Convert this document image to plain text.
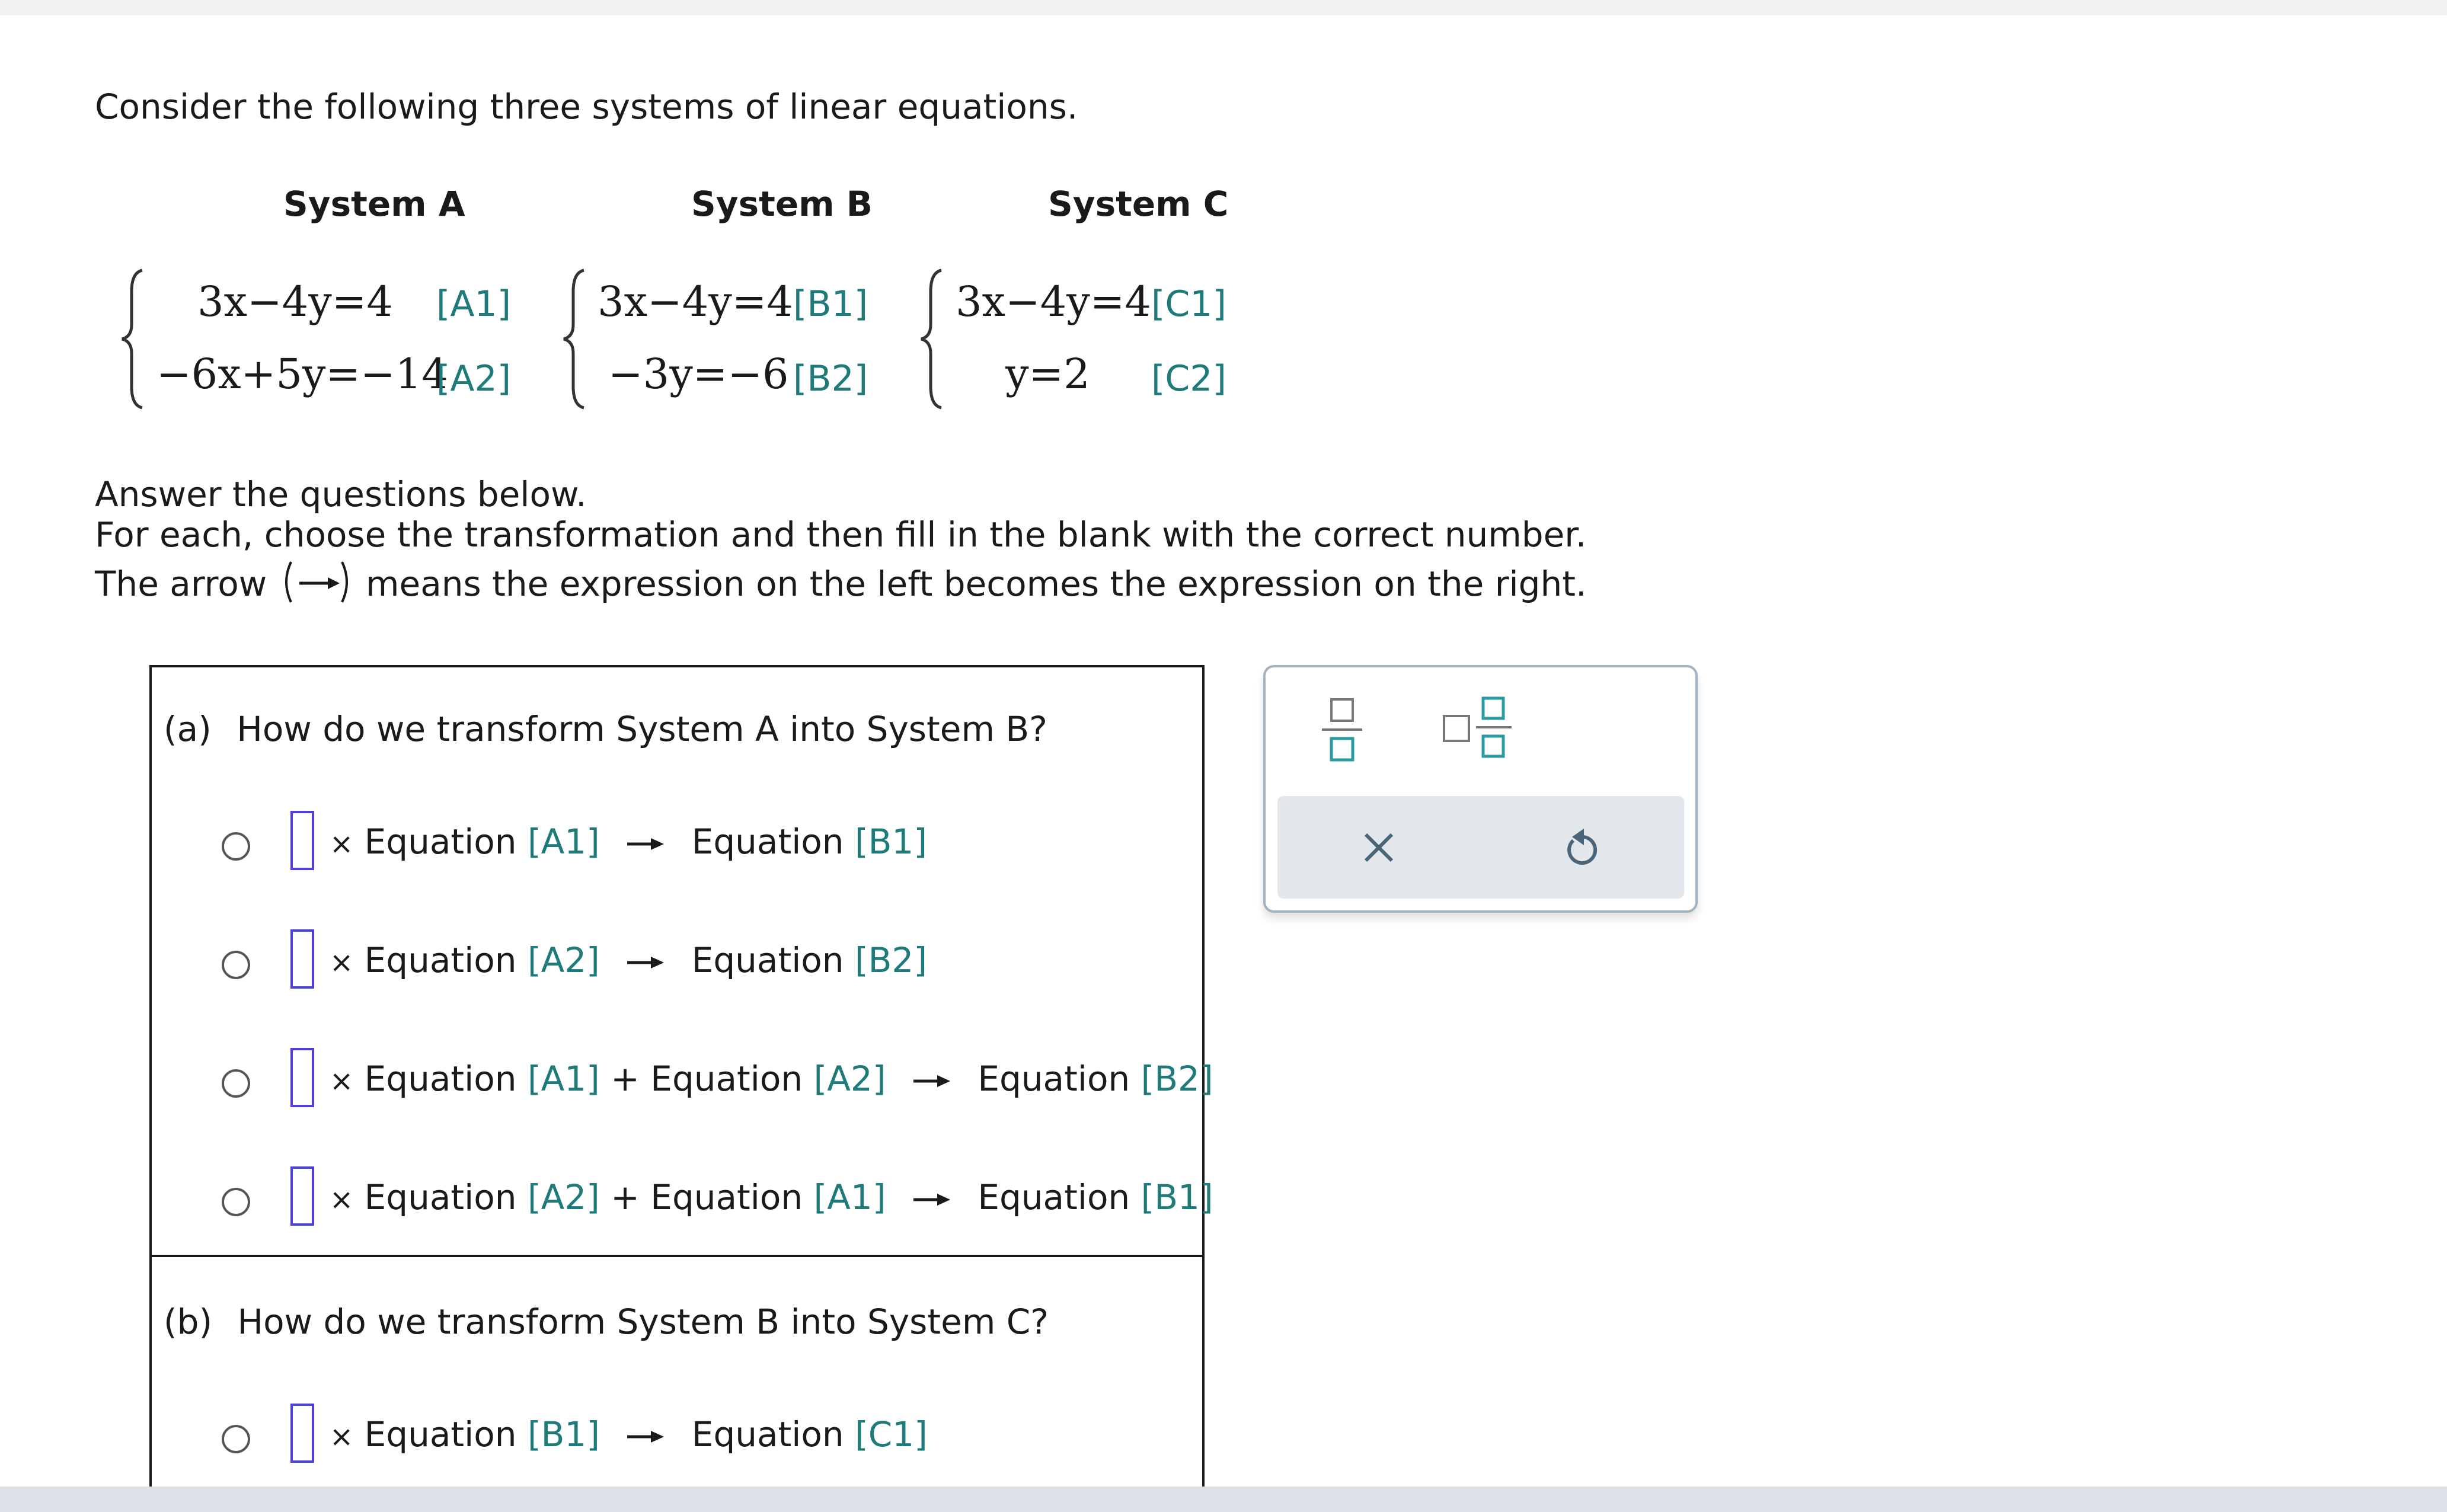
Consider the following three systems of linear equations.
System A	System B	System C
3x−4y=4 [A1]
−6x+5y=−14
[A2]
3x−4y=4 [B1]
−3y=−6 [B2]
3x−4y=4 [C1]
y=2 [C2]
Answer the questions below.
For each, choose the transformation and then fill in the blank with the correct number.
The arrow	means the expression on the left becomes the expression on the right.
(a) How do we transform System A into System B?
× Equation [A1]	Equation [B1]
× Equation [A2]	Equation [B2]
× Equation [A1] + Equation [A2]	Equation [B2]
× Equation [A2] + Equation [A1]	Equation [B1]
(b) How do we transform System B into System C?
× Equation [B1]	Equation [C1]
